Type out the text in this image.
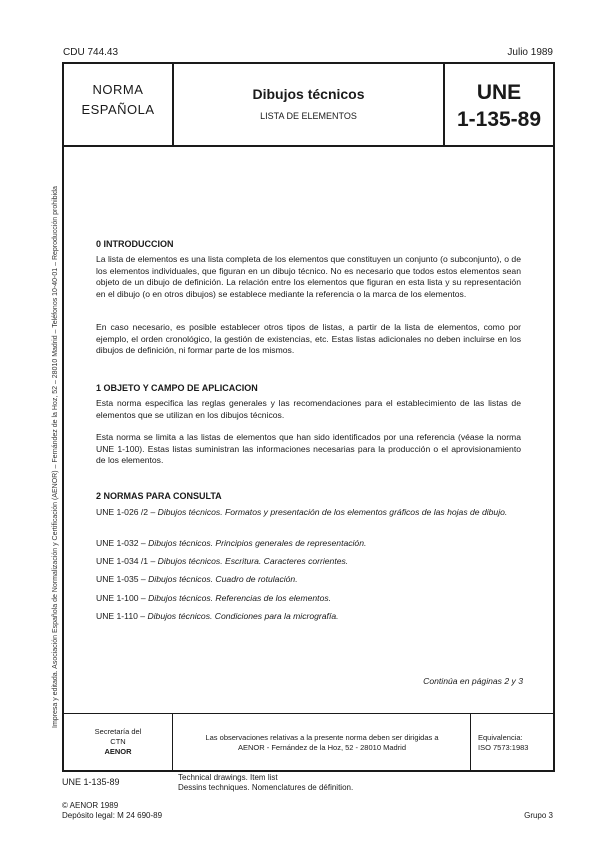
CDU 744.43	Julio 1989
Impresa y editada. Asociación Española de Normalización y Certificación (AENOR) – Fernández de la Hoz, 52 – 28010 Madrid – Teléfonos 10-40-01 – Reproducción prohibida
NORMA
ESPAÑOLA
Dibujos técnicos
LISTA DE ELEMENTOS
UNE
1-135-89
0 INTRODUCCION
La lista de elementos es una lista completa de los elementos que constituyen un conjunto (o subconjunto), o de los elementos individuales, que figuran en un dibujo técnico. No es necesario que todos estos elementos sean objeto de un dibujo de definición. La relación entre los elementos que figuran en esta lista y su representación en el dibujo (o en otros dibujos) se establece mediante la referencia o la marca de los elementos.
En caso necesario, es posible establecer otros tipos de listas, a partir de la lista de elementos, como por ejemplo, el orden cronológico, la gestión de existencias, etc. Estas listas adicionales no deben incluirse en los dibujos de definición, ni formar parte de los mismos.
1 OBJETO Y CAMPO DE APLICACION
Esta norma especifica las reglas generales y las recomendaciones para el establecimiento de las listas de elementos que se utilizan en los dibujos técnicos.
Esta norma se limita a las listas de elementos que han sido identificados por una referencia (véase la norma UNE 1-100). Estas listas suministran las informaciones necesarias para la producción o el aprovisionamiento de los elementos.
2 NORMAS PARA CONSULTA
UNE 1-026 /2 – Dibujos técnicos. Formatos y presentación de los elementos gráficos de las hojas de dibujo.
UNE 1-032 – Dibujos técnicos. Principios generales de representación.
UNE 1-034 /1 – Dibujos técnicos. Escritura. Caracteres corrientes.
UNE 1-035 – Dibujos técnicos. Cuadro de rotulación.
UNE 1-100 – Dibujos técnicos. Referencias de los elementos.
UNE 1-110 – Dibujos técnicos. Condiciones para la micrografía.
Continúa en páginas 2 y 3
Secretaría del
CTN
AENOR
Las observaciones relativas a la presente norma deben ser dirigidas a
AENOR - Fernández de la Hoz, 52 - 28010 Madrid
Equivalencia:
ISO 7573:1983
UNE 1-135-89	Technical drawings. Item list
Dessins techniques. Nomenclatures de définition.
© AENOR 1989
Depósito legal: M 24 690-89	Grupo 3
